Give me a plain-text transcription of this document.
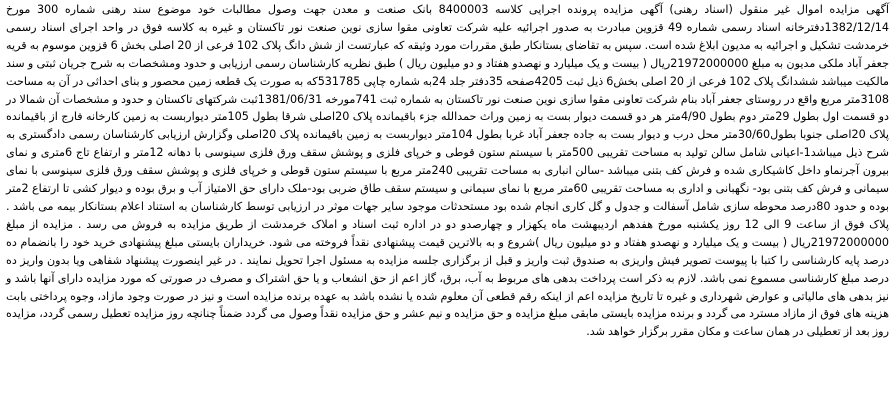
آگهی مزایده اموال غیر منقول (اسناد رهنی) آگهی مزایده پرونده اجرایی کلاسه 8400003 بانک صنعت و معدن جهت وصول مطالبات خود موضوع سند رهنی شماره 300 مورخ 1382/12/14دفترخانه اسناد رسمی شماره 49 قزوین مبادرت به صدور اجرائیه علیه شرکت تعاونی مقوا سازی نوین صنعت نور تاکستان و غیره به کلاسه فوق در واحد اجرای اسناد رسمی خرمدشت تشکیل و اجرائیه به مدیون ابلاغ شده است. سپس به تقاضای بستانکار طبق مقررات مورد وثیقه که عبارتست از شش دانگ پلاک 102 فرعی از 20 اصلی بخش 6 قزوین موسوم به قریه جعفر آباد ملکی مدیون به مبلغ 21972000000ریال ( بیست و یک میلیارد و نهصدو هفتاد و دو میلیون ریال ) طبق نظریه کارشناسان رسمی ارزیابی و حدود ومشخصات به شرح جریان ثبتی و سند مالکیت میباشد ششدانگ پلاک 102 فرعی از 20 اصلی بخش6 ذیل ثبت 4205صفحه 35دفتر جلد 24به شماره چاپی 531785که به صورت یک قطعه زمین محصور و بنای احداثی در آن به مساحت 3108متر مربع واقع در روستای جعفر آباد بنام شرکت تعاونی مقوا سازی نوین صنعت نور تاکستان به شماره ثبت 741مورخه 1381/06/31ثبت شرکتهای تاکستان و حدود و مشخصات آن شمالا در دو قسمت اول بطول 29متر دوم بطول 4/90متر هر دو قسمت دیوار بست به زمین وراث حمدالله جزء باقیمانده پلاک 20اصلی شرقا بطول 105متر دیواربست به زمین کارخانه فارج از باقیمانده پلاک 20اصلی جنوبا بطول30/60متر محل درب و دیوار بست به جاده جعفر آباد غربا بطول 104متر دیواربست به زمین باقیمانده پلاک 20اصلی وگزارش ارزیابی کارشناسان رسمی دادگستری به شرح ذیل میباشد1-اعیانی شامل سالن تولید به مساحت تقریبی 500متر با سیستم ستون قوطی و خرپای فلزی و پوشش سقف ورق فلزی سینوسی با دهانه 12متر و ارتفاع تاج 6متری و نمای بیرون آجرنماو داخل کاشیکاری شده و فرش کف بتنی میباشد -سالن انباری به مساحت تقریبی 240متر مربع با سیستم ستون قوطی و خرپای فلزی و پوشش سقف ورق فلزی سینوسی با نمای سیمانی و فرش کف بتنی بود- نگهبانی و اداری به مساحت تقریبی 60متر مربع با نمای سیمانی و سیستم سقف طاق ضربی بود-ملک دارای حق الامتیاز آب و برق بوده و دیوار کشی تا ارتفاع 2متر بوده و حدود 80درصد محوطه سازی شامل آسفالت و جدول و گل کاری انجام شده بود مستحدثات موجود سایر جهات موثر در ارزیابی توسط کارشناسان به استناد اعلام بستانکار بیمه می باشد . پلاک فوق از ساعت 9 الی 12 روز یکشنبه مورخ هفدهم اردیبهشت ماه یکهزار و چهارصدو دو در اداره ثبت اسناد و املاک خرمدشت از طریق مزایده به فروش می رسد . مزایده از مبلغ 21972000000ریال ( بیست و یک میلیارد و نهصدو هفتاد و دو میلیون ریال )شروع و به بالاترین قیمت پیشنهادی نقداً فروخته می شود. خریداران بایستی مبلغ پیشنهادی خرید خود را بانضمام ده درصد پایه کارشناسی را کتبا با پیوست تصویر فیش واریزی به صندوق ثبت واریز و قبل از برگزاری جلسه مزایده به مسئول اجرا تحویل نمایند . در غیر اینصورت پیشنهاد شفاهی ویا بدون واریز ده درصد مبلغ کارشناسی مسموع نمی باشد. لازم به ذکر است پرداخت بدهی های مربوط به آب، برق، گاز اعم از حق انشعاب و یا حق اشتراک و مصرف در صورتی که مورد مزایده دارای آنها باشد و نیز بدهی های مالیاتی و عوارض شهرداری و غیره تا تاریخ مزایده اعم از اینکه رقم قطعی آن معلوم شده یا نشده باشد به عهده برنده مزایده است و نیز در صورت وجود مازاد، وجوه پرداختی بابت هزینه های فوق از مازاد مسترد می گردد و برنده مزایده بایستی مابقی مبلغ مزایده و حق مزایده و نیم عشر و حق مزایده نقداً وصول می گردد ضمناً چنانچه روز مزایده تعطیل رسمی گردد، مزایده روز بعد از تعطیلی در همان ساعت و مکان مقرر برگزار خواهد شد.
